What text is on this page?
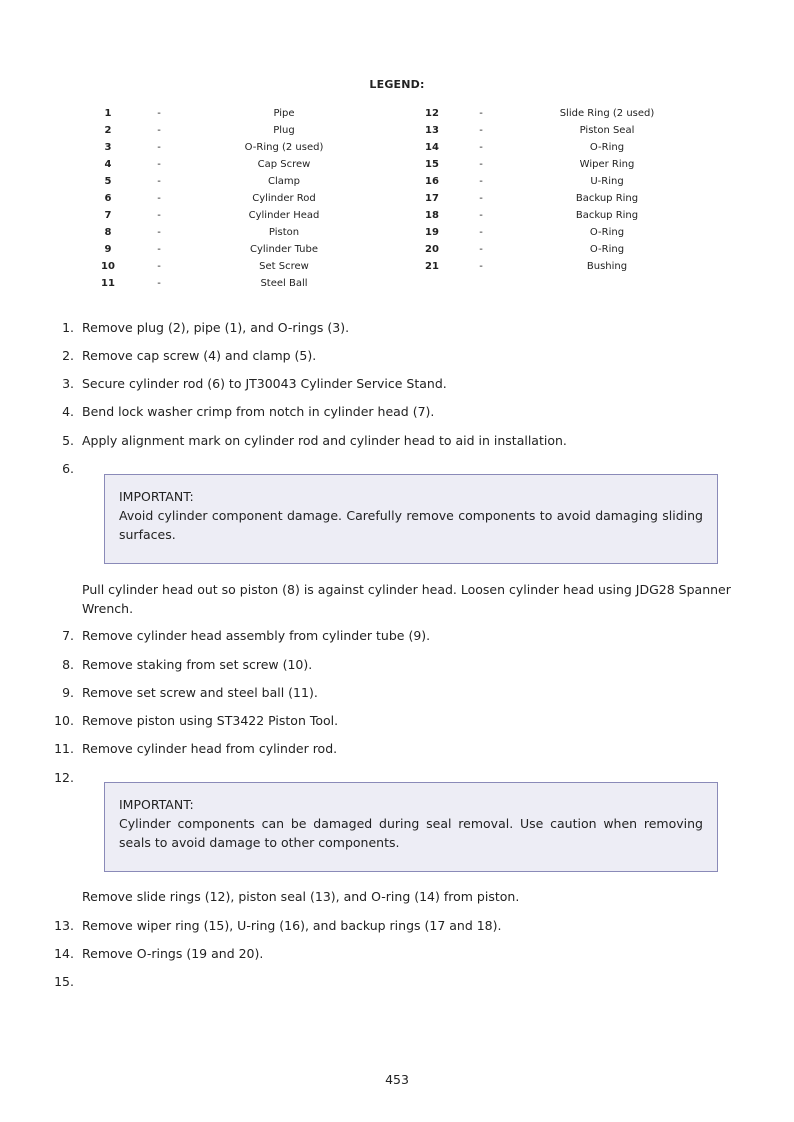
LEGEND:
1	-	Pipe
2	-	Plug
3	-	O-Ring (2 used)
4	-	Cap Screw
5	-	Clamp
6	-	Cylinder Rod
7	-	Cylinder Head
8	-	Piston
9	-	Cylinder Tube
10	-	Set Screw
11	-	Steel Ball
12	-	Slide Ring (2 used)
13	-	Piston Seal
14	-	O-Ring
15	-	Wiper Ring
16	-	U-Ring
17	-	Backup Ring
18	-	Backup Ring
19	-	O-Ring
20	-	O-Ring
21	-	Bushing
1. Remove plug (2), pipe (1), and O-rings (3).
2. Remove cap screw (4) and clamp (5).
3. Secure cylinder rod (6) to JT30043 Cylinder Service Stand.
4. Bend lock washer crimp from notch in cylinder head (7).
5. Apply alignment mark on cylinder rod and cylinder head to aid in installation.
6.
IMPORTANT:
Avoid cylinder component damage. Carefully remove components to avoid damaging sliding surfaces.
Pull cylinder head out so piston (8) is against cylinder head. Loosen cylinder head using JDG28 Spanner Wrench.
7. Remove cylinder head assembly from cylinder tube (9).
8. Remove staking from set screw (10).
9. Remove set screw and steel ball (11).
10. Remove piston using ST3422 Piston Tool.
11. Remove cylinder head from cylinder rod.
12.
IMPORTANT:
Cylinder components can be damaged during seal removal. Use caution when removing seals to avoid damage to other components.
Remove slide rings (12), piston seal (13), and O-ring (14) from piston.
13. Remove wiper ring (15), U-ring (16), and backup rings (17 and 18).
14. Remove O-rings (19 and 20).
15.
453
